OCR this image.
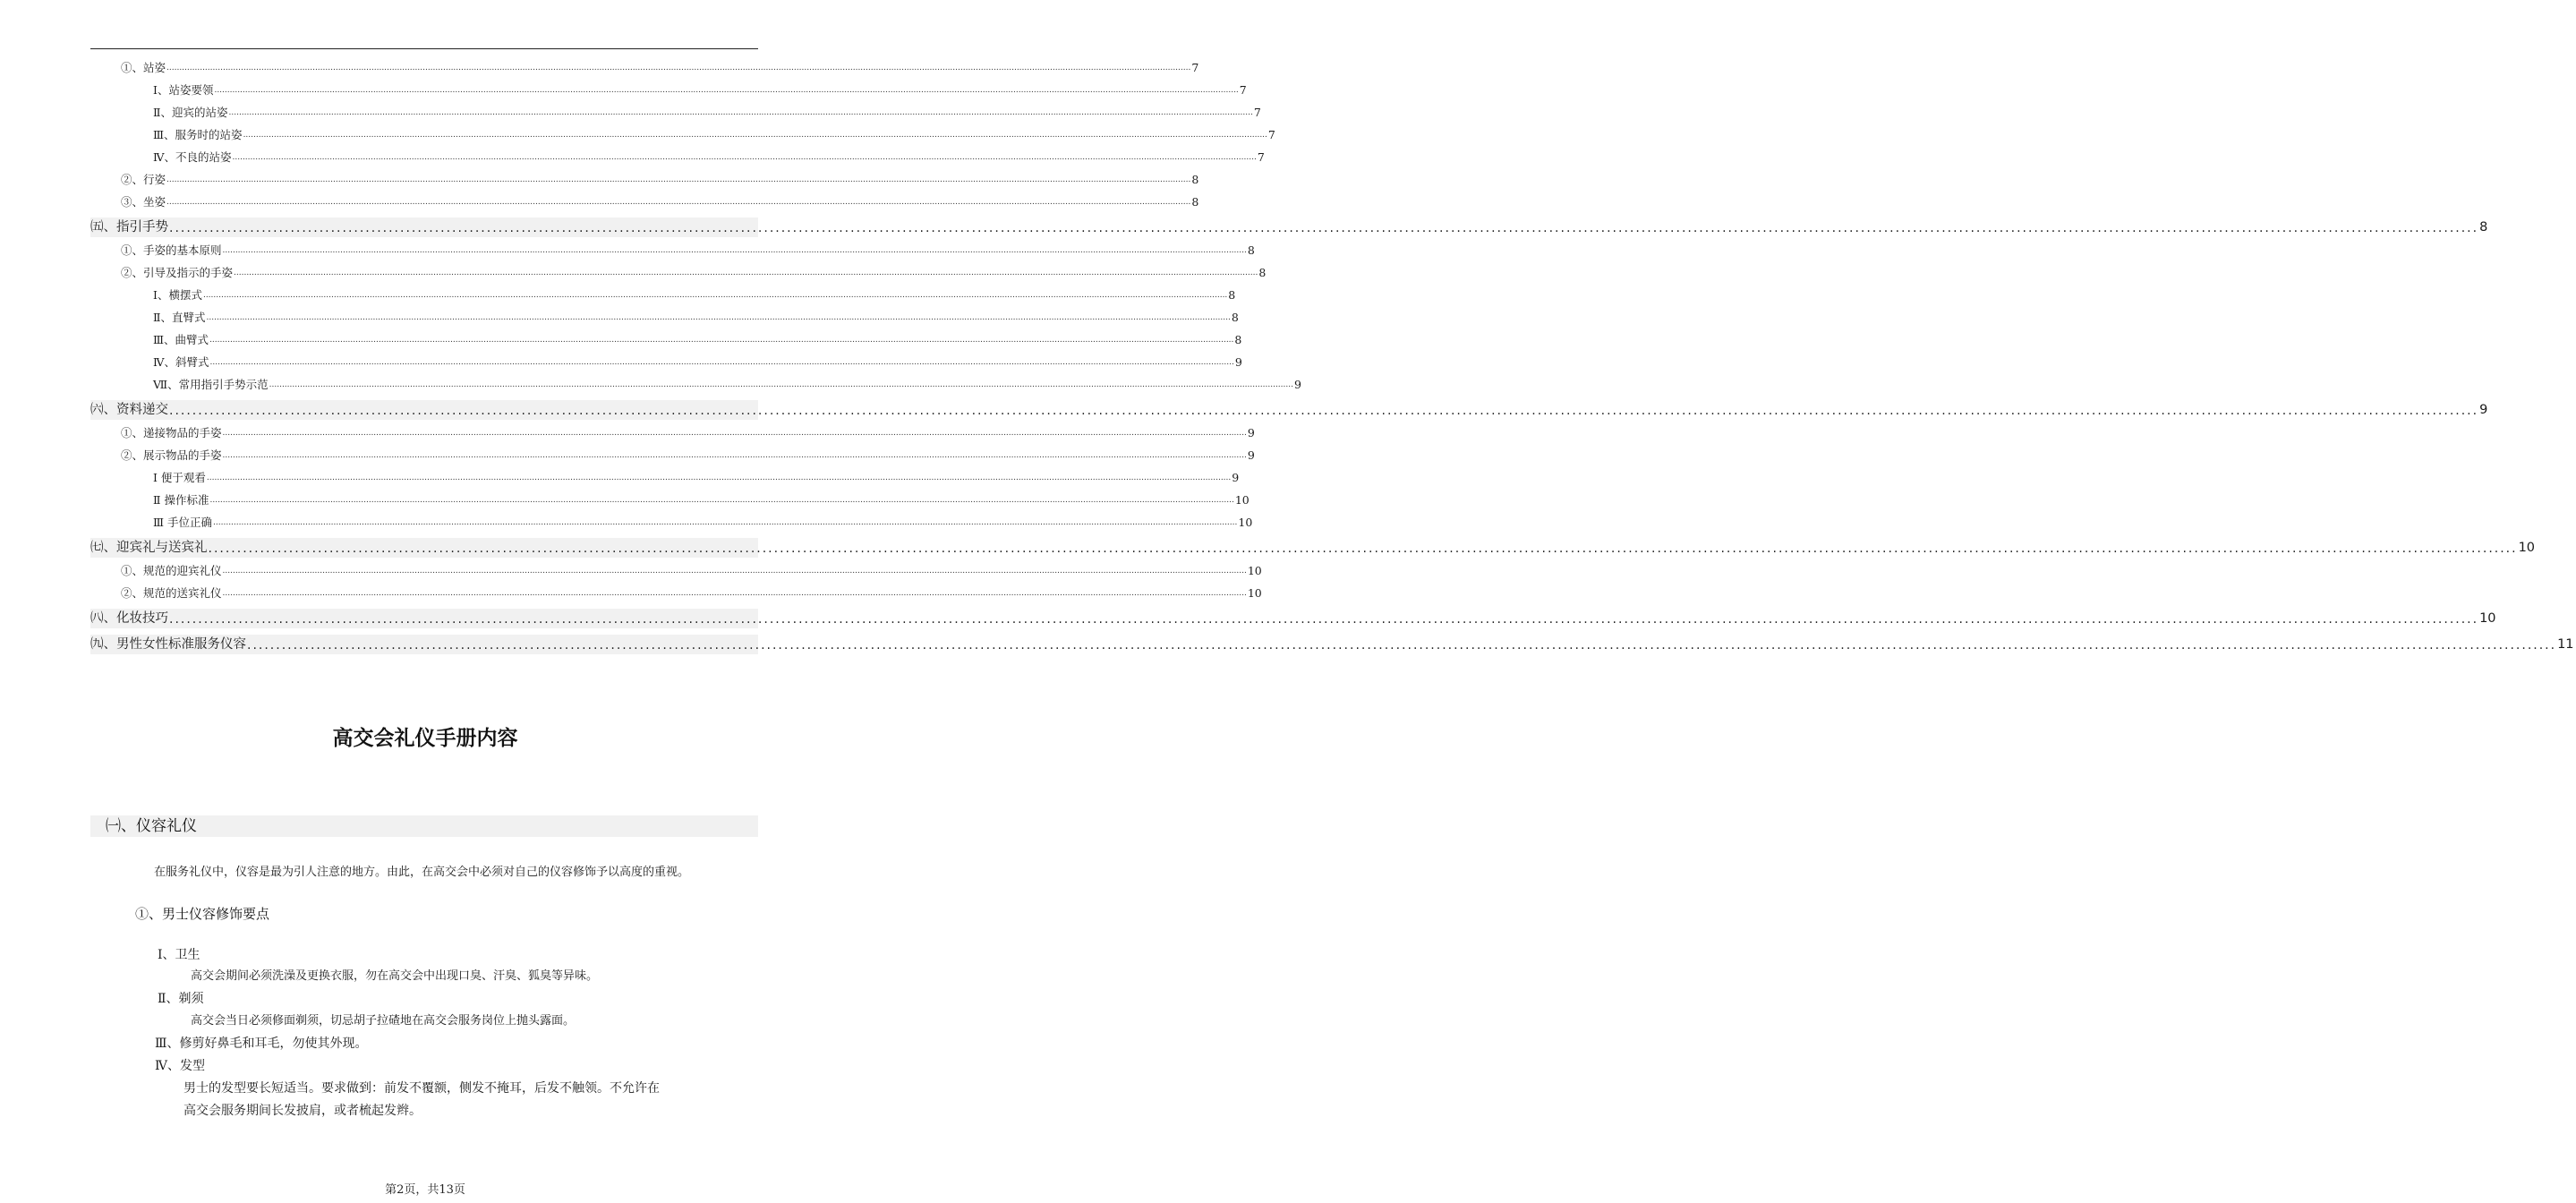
①、站姿 ................................................................................................................................................................................................................................................................................................................................................................................................................ 7
Ⅰ、站姿要领 ................................................................................................................................................................................................................................................................................................................................................................................................................ 7
Ⅱ、迎宾的站姿 ................................................................................................................................................................................................................................................................................................................................................................................................................ 7
Ⅲ、服务时的站姿 ................................................................................................................................................................................................................................................................................................................................................................................................................ 7
Ⅳ、不良的站姿 ................................................................................................................................................................................................................................................................................................................................................................................................................ 7
②、行姿 ................................................................................................................................................................................................................................................................................................................................................................................................................ 8
③、坐姿 ................................................................................................................................................................................................................................................................................................................................................................................................................ 8
㈤、指引手势 ................................................................................................................................................................................................................................................................................................................................................................................................................ 8
①、手姿的基本原则 ................................................................................................................................................................................................................................................................................................................................................................................................................ 8
②、引导及指示的手姿 ................................................................................................................................................................................................................................................................................................................................................................................................................ 8
Ⅰ、横摆式 ................................................................................................................................................................................................................................................................................................................................................................................................................ 8
Ⅱ、直臂式 ................................................................................................................................................................................................................................................................................................................................................................................................................ 8
Ⅲ、曲臂式 ................................................................................................................................................................................................................................................................................................................................................................................................................ 8
Ⅳ、斜臂式 ................................................................................................................................................................................................................................................................................................................................................................................................................ 9
Ⅶ、常用指引手势示范 ................................................................................................................................................................................................................................................................................................................................................................................................................ 9
㈥、资料递交 ................................................................................................................................................................................................................................................................................................................................................................................................................ 9
①、递接物品的手姿 ................................................................................................................................................................................................................................................................................................................................................................................................................ 9
②、展示物品的手姿 ................................................................................................................................................................................................................................................................................................................................................................................................................ 9
Ⅰ 便于观看 ................................................................................................................................................................................................................................................................................................................................................................................................................ 9
Ⅱ 操作标准 ................................................................................................................................................................................................................................................................................................................................................................................................................ 10
Ⅲ 手位正确 ................................................................................................................................................................................................................................................................................................................................................................................................................ 10
㈦、迎宾礼与送宾礼 ................................................................................................................................................................................................................................................................................................................................................................................................................ 10
①、规范的迎宾礼仪 ................................................................................................................................................................................................................................................................................................................................................................................................................ 10
②、规范的送宾礼仪 ................................................................................................................................................................................................................................................................................................................................................................................................................ 10
㈧、化妆技巧 ................................................................................................................................................................................................................................................................................................................................................................................................................ 10
㈨、男性女性标准服务仪容 ................................................................................................................................................................................................................................................................................................................................................................................................................ 11
高交会礼仪手册内容
㈠、仪容礼仪
在服务礼仪中，仪容是最为引人注意的地方。由此，在高交会中必须对自己的仪容修饰予以高度的重视。
①、男士仪容修饰要点
Ⅰ、卫生
高交会期间必须洗澡及更换衣服，勿在高交会中出现口臭、汗臭、狐臭等异味。
Ⅱ、剃须
高交会当日必须修面剃须，切忌胡子拉碴地在高交会服务岗位上抛头露面。
Ⅲ、修剪好鼻毛和耳毛，勿使其外现。
Ⅳ、发型
男士的发型要长短适当。要求做到：前发不覆额，侧发不掩耳，后发不触领。不允许在
高交会服务期间长发披肩，或者梳起发辫。
第2页，共13页
